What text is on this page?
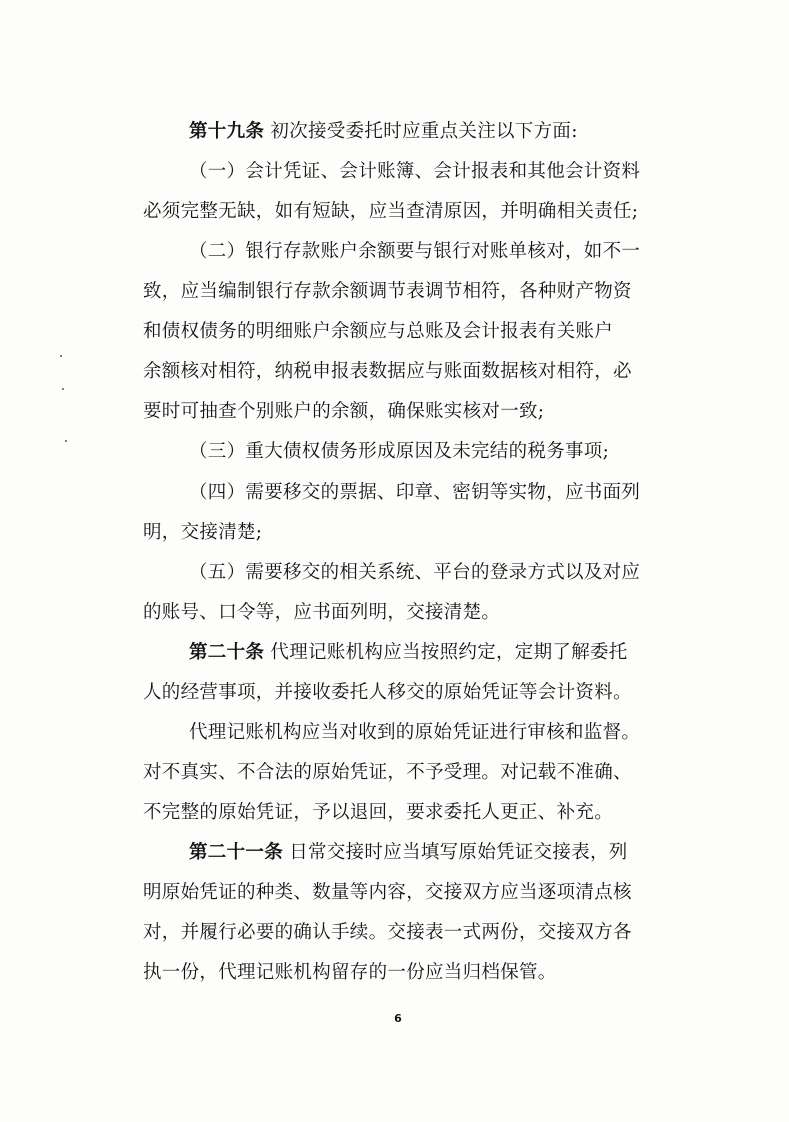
第十九条 初次接受委托时应重点关注以下方面:
（一）会计凭证、会计账簿、会计报表和其他会计资料
必须完整无缺，如有短缺，应当查清原因，并明确相关责任;
（二）银行存款账户余额要与银行对账单核对，如不一
致，应当编制银行存款余额调节表调节相符，各种财产物资
和债权债务的明细账户余额应与总账及会计报表有关账户
余额核对相符，纳税申报表数据应与账面数据核对相符，必
要时可抽查个别账户的余额，确保账实核对一致;
（三）重大债权债务形成原因及未完结的税务事项;
（四）需要移交的票据、印章、密钥等实物，应书面列
明，交接清楚;
（五）需要移交的相关系统、平台的登录方式以及对应
的账号、口令等，应书面列明，交接清楚。
第二十条 代理记账机构应当按照约定，定期了解委托
人的经营事项，并接收委托人移交的原始凭证等会计资料。
代理记账机构应当对收到的原始凭证进行审核和监督。
对不真实、不合法的原始凭证，不予受理。对记载不准确、
不完整的原始凭证，予以退回，要求委托人更正、补充。
第二十一条 日常交接时应当填写原始凭证交接表，列
明原始凭证的种类、数量等内容，交接双方应当逐项清点核
对，并履行必要的确认手续。交接表一式两份，交接双方各
执一份，代理记账机构留存的一份应当归档保管。
6
